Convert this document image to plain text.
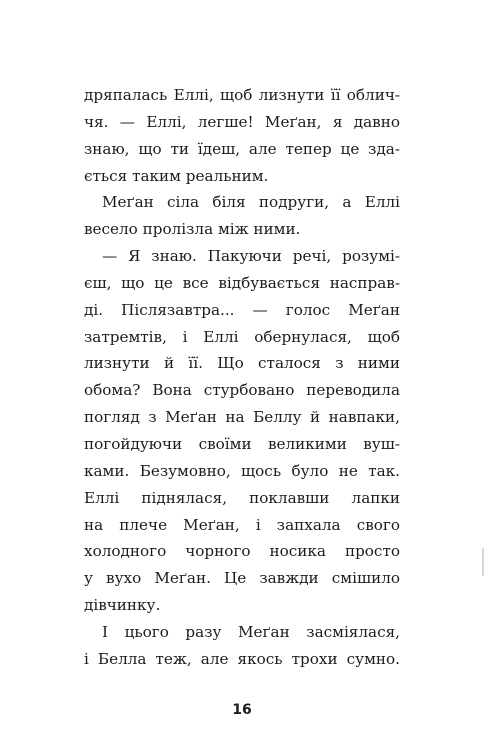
дряпалась Еллі, щоб лизнути її облич-
чя. — Еллі, легше! Меґан, я давно
знаю, що ти їдеш, але тепер це зда-
ється таким реальним.
Меґан сіла біля подруги, а Еллі
весело пролізла між ними.
— Я знаю. Пакуючи речі, розумі-
єш, що це все відбувається насправ-
ді. Післязавтра... — голос Меґан
затремтів, і Еллі обернулася, щоб
лизнути й її. Що сталося з ними
обома? Вона стурбовано переводила
погляд з Меґан на Беллу й навпаки,
погойдуючи своїми великими вуш-
ками. Безумовно, щось було не так.
Еллі піднялася, поклавши лапки
на плече Меґан, і запхала свого
холодного чорного носика просто
у вухо Меґан. Це завжди смішило
дівчинку.
І цього разу Меґан засміялася,
і Белла теж, але якось трохи сумно.
16
